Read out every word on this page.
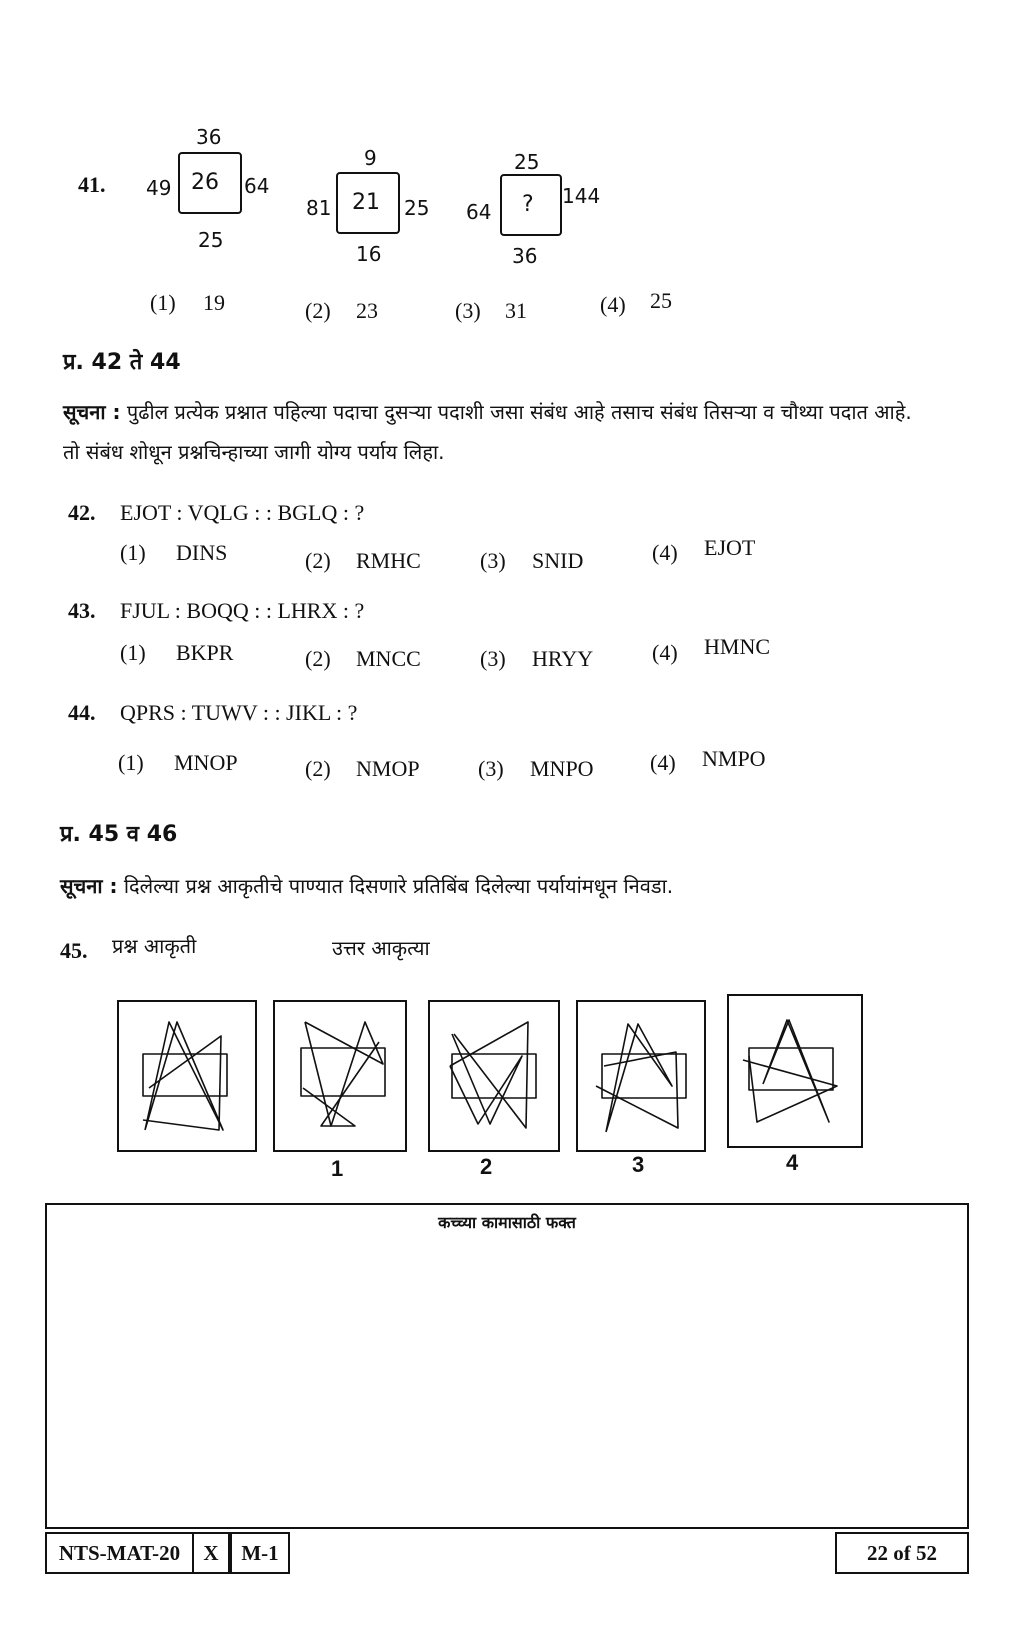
41.
36
49 26 64
25
9
81 21 25
16
25
64 ? 144
36
(1) 19	(2) 23	(3) 31	(4) 25
प्र. 42 ते 44
सूचना : पुढील प्रत्येक प्रश्नात पहिल्या पदाचा दुसऱ्या पदाशी जसा संबंध आहे तसाच संबंध तिसऱ्या व चौथ्या पदात आहे.
तो संबंध शोधून प्रश्नचिन्हाच्या जागी योग्य पर्याय लिहा.
42. EJOT : VQLG : : BGLQ : ?
(1) DINS	(2) RMHC	(3) SNID	(4) EJOT
43. FJUL : BOQQ : : LHRX : ?
(1) BKPR	(2) MNCC	(3) HRYY	(4) HMNC
44. QPRS : TUWV : : JIKL : ?
(1) MNOP	(2) NMOP	(3) MNPO	(4) NMPO
प्र. 45 व 46
सूचना : दिलेल्या प्रश्न आकृतीचे पाण्यात दिसणारे प्रतिबिंब दिलेल्या पर्यायांमधून निवडा.
45. प्रश्न आकृती	उत्तर आकृत्या
1	2	3	4
कच्च्या कामासाठी फक्त
NTS-MAT-20	X	M-1	22 of 52
